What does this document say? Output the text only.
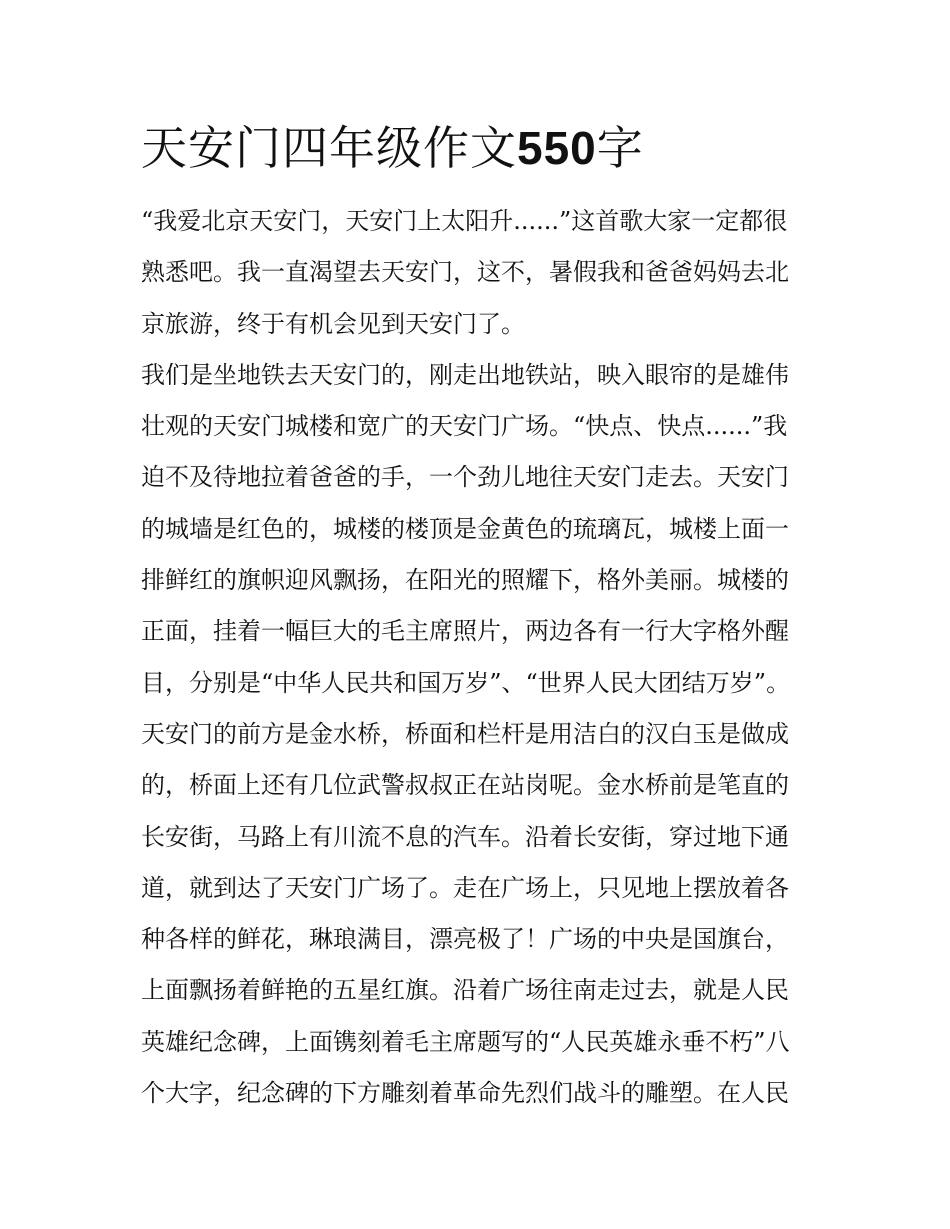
天安门四年级作文550字
“我爱北京天安门，天安门上太阳升......”这首歌大家一定都很
熟悉吧。我一直渴望去天安门，这不，暑假我和爸爸妈妈去北
京旅游，终于有机会见到天安门了。
我们是坐地铁去天安门的，刚走出地铁站，映入眼帘的是雄伟
壮观的天安门城楼和宽广的天安门广场。“快点、快点......”我
迫不及待地拉着爸爸的手，一个劲儿地往天安门走去。天安门
的城墙是红色的，城楼的楼顶是金黄色的琉璃瓦，城楼上面一
排鲜红的旗帜迎风飘扬，在阳光的照耀下，格外美丽。城楼的
正面，挂着一幅巨大的毛主席照片，两边各有一行大字格外醒
目，分别是“中华人民共和国万岁”、“世界人民大团结万岁”。
天安门的前方是金水桥，桥面和栏杆是用洁白的汉白玉是做成
的，桥面上还有几位武警叔叔正在站岗呢。金水桥前是笔直的
长安街，马路上有川流不息的汽车。沿着长安街，穿过地下通
道，就到达了天安门广场了。走在广场上，只见地上摆放着各
种各样的鲜花，琳琅满目，漂亮极了！广场的中央是国旗台，
上面飘扬着鲜艳的五星红旗。沿着广场往南走过去，就是人民
英雄纪念碑，上面镌刻着毛主席题写的“人民英雄永垂不朽”八
个大字，纪念碑的下方雕刻着革命先烈们战斗的雕塑。在人民
